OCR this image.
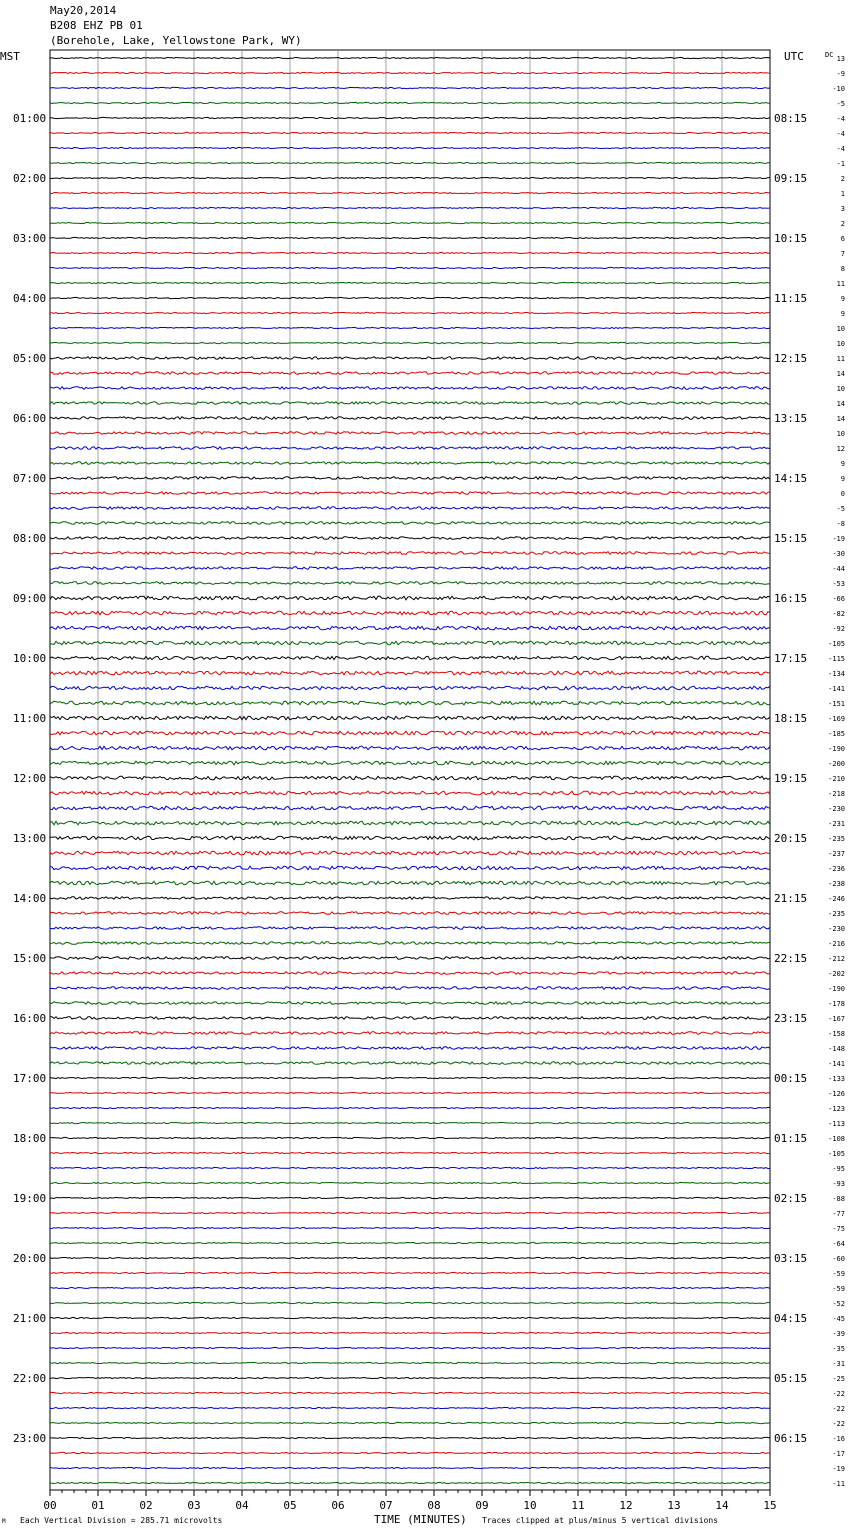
May20,2014
B208 EHZ PB 01
(Borehole, Lake, Yellowstone Park, WY)
13
-9
-10
-5
-4
-4
-4
-1
2
1
3
2
6
7
8
11
9
9
10
10
11
14
10
14
14
10
12
9
9
0
-5
-8
-19
-30
-44
-53
-66
-82
-92
-105
-115
-134
-141
-151
-169
-185
-190
-200
-210
-218
-230
-231
-235
-237
-236
-238
-246
-235
-230
-216
-212
-202
-190
-178
-167
-158
-148
-141
-133
-126
-123
-113
-108
-105
-95
-93
-88
-77
-75
-64
-60
-59
-59
-52
-45
-39
-35
-31
-25
-22
-22
-22
-16
-17
-19
-11
MST	UTC	DC
01:00
02:00
03:00
04:00
05:00
06:00
07:00
08:00
09:00
10:00
11:00
12:00
13:00
14:00
15:00
16:00
17:00
18:00
19:00
20:00
21:00
22:00
23:00
08:15
09:15
10:15
11:15
12:15
13:15
14:15
15:15
16:15
17:15
18:15
19:15
20:15
21:15
22:15
23:15
00:15
01:15
02:15
03:15
04:15
05:15
06:15
00	01	02	03	04	05	06	07	08	09	10	11	12	13	14	15
M Each Vertical Division = 285.71 microvolts	TIME (MINUTES) Traces clipped at plus/minus 5 vertical divisions
